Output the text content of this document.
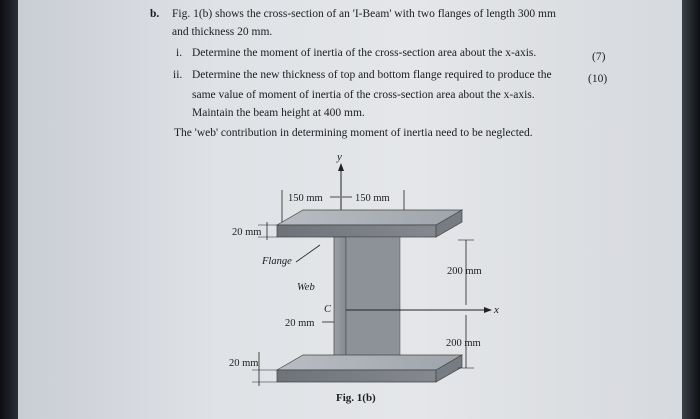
b. Fig. 1(b) shows the cross-section of an 'I-Beam' with two flanges of length 300 mm
and thickness 20 mm.
i. Determine the moment of inertia of the cross-section area about the x-axis.	(7)
ii. Determine the new thickness of top and bottom flange required to produce the	(10)
same value of moment of inertia of the cross-section area about the x-axis.
Maintain the beam height at 400 mm.
The 'web' contribution in determining moment of inertia need to be neglected.
y
x
150 mm	150 mm
20 mm
Flange
Web
C
20 mm
200 mm
200 mm
20 mm
Fig. 1(b)
